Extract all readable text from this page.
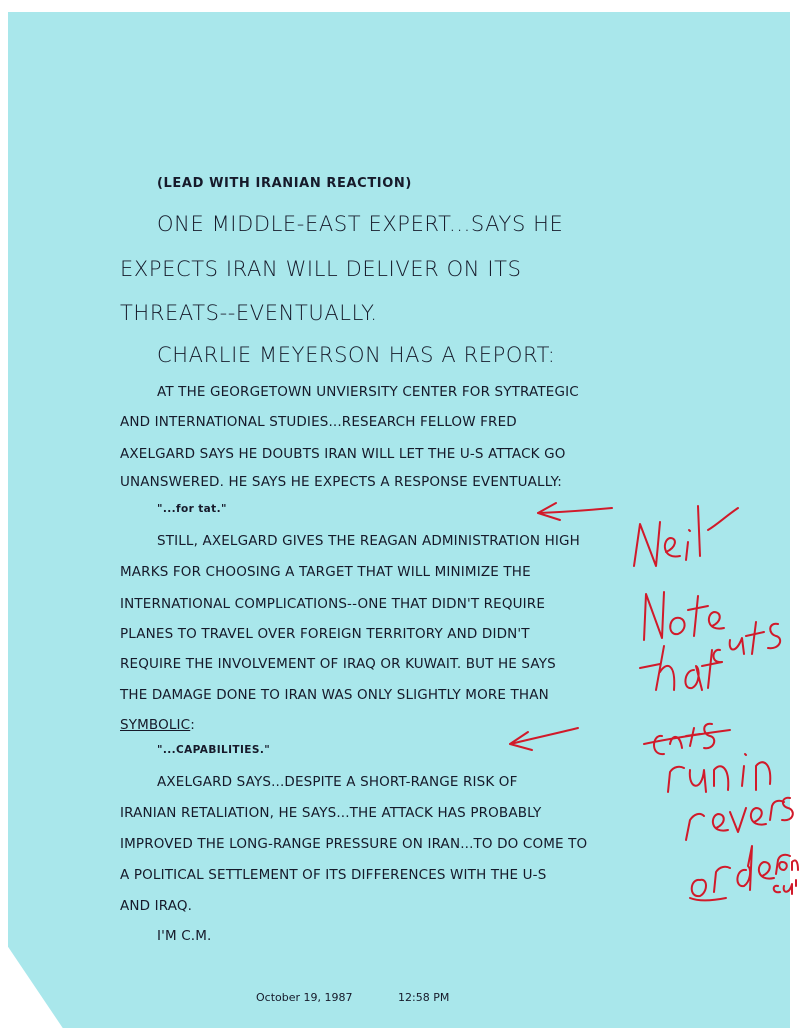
(LEAD WITH IRANIAN REACTION)
ONE MIDDLE-EAST EXPERT...SAYS HE
EXPECTS IRAN WILL DELIVER ON ITS
THREATS--EVENTUALLY.
CHARLIE MEYERSON HAS A REPORT:
AT THE GEORGETOWN UNVIERSITY CENTER FOR SYTRATEGIC
AND INTERNATIONAL STUDIES...RESEARCH FELLOW FRED
AXELGARD SAYS HE DOUBTS IRAN WILL LET THE U-S ATTACK GO
UNANSWERED. HE SAYS HE EXPECTS A RESPONSE EVENTUALLY:
"...for tat."
STILL, AXELGARD GIVES THE REAGAN ADMINISTRATION HIGH
MARKS FOR CHOOSING A TARGET THAT WILL MINIMIZE THE
INTERNATIONAL COMPLICATIONS--ONE THAT DIDN'T REQUIRE
PLANES TO TRAVEL OVER FOREIGN TERRITORY AND DIDN'T
REQUIRE THE INVOLVEMENT OF IRAQ OR KUWAIT. BUT HE SAYS
THE DAMAGE DONE TO IRAN WAS ONLY SLIGHTLY MORE THAN
SYMBOLIC:
"...CAPABILITIES."
AXELGARD SAYS...DESPITE A SHORT-RANGE RISK OF
IRANIAN RETALIATION, HE SAYS...THE ATTACK HAS PROBABLY
IMPROVED THE LONG-RANGE PRESSURE ON IRAN...TO DO COME TO
A POLITICAL SETTLEMENT OF ITS DIFFERENCES WITH THE U-S
AND IRAQ.
I'M C.M.
October 19, 1987	12:58 PM
